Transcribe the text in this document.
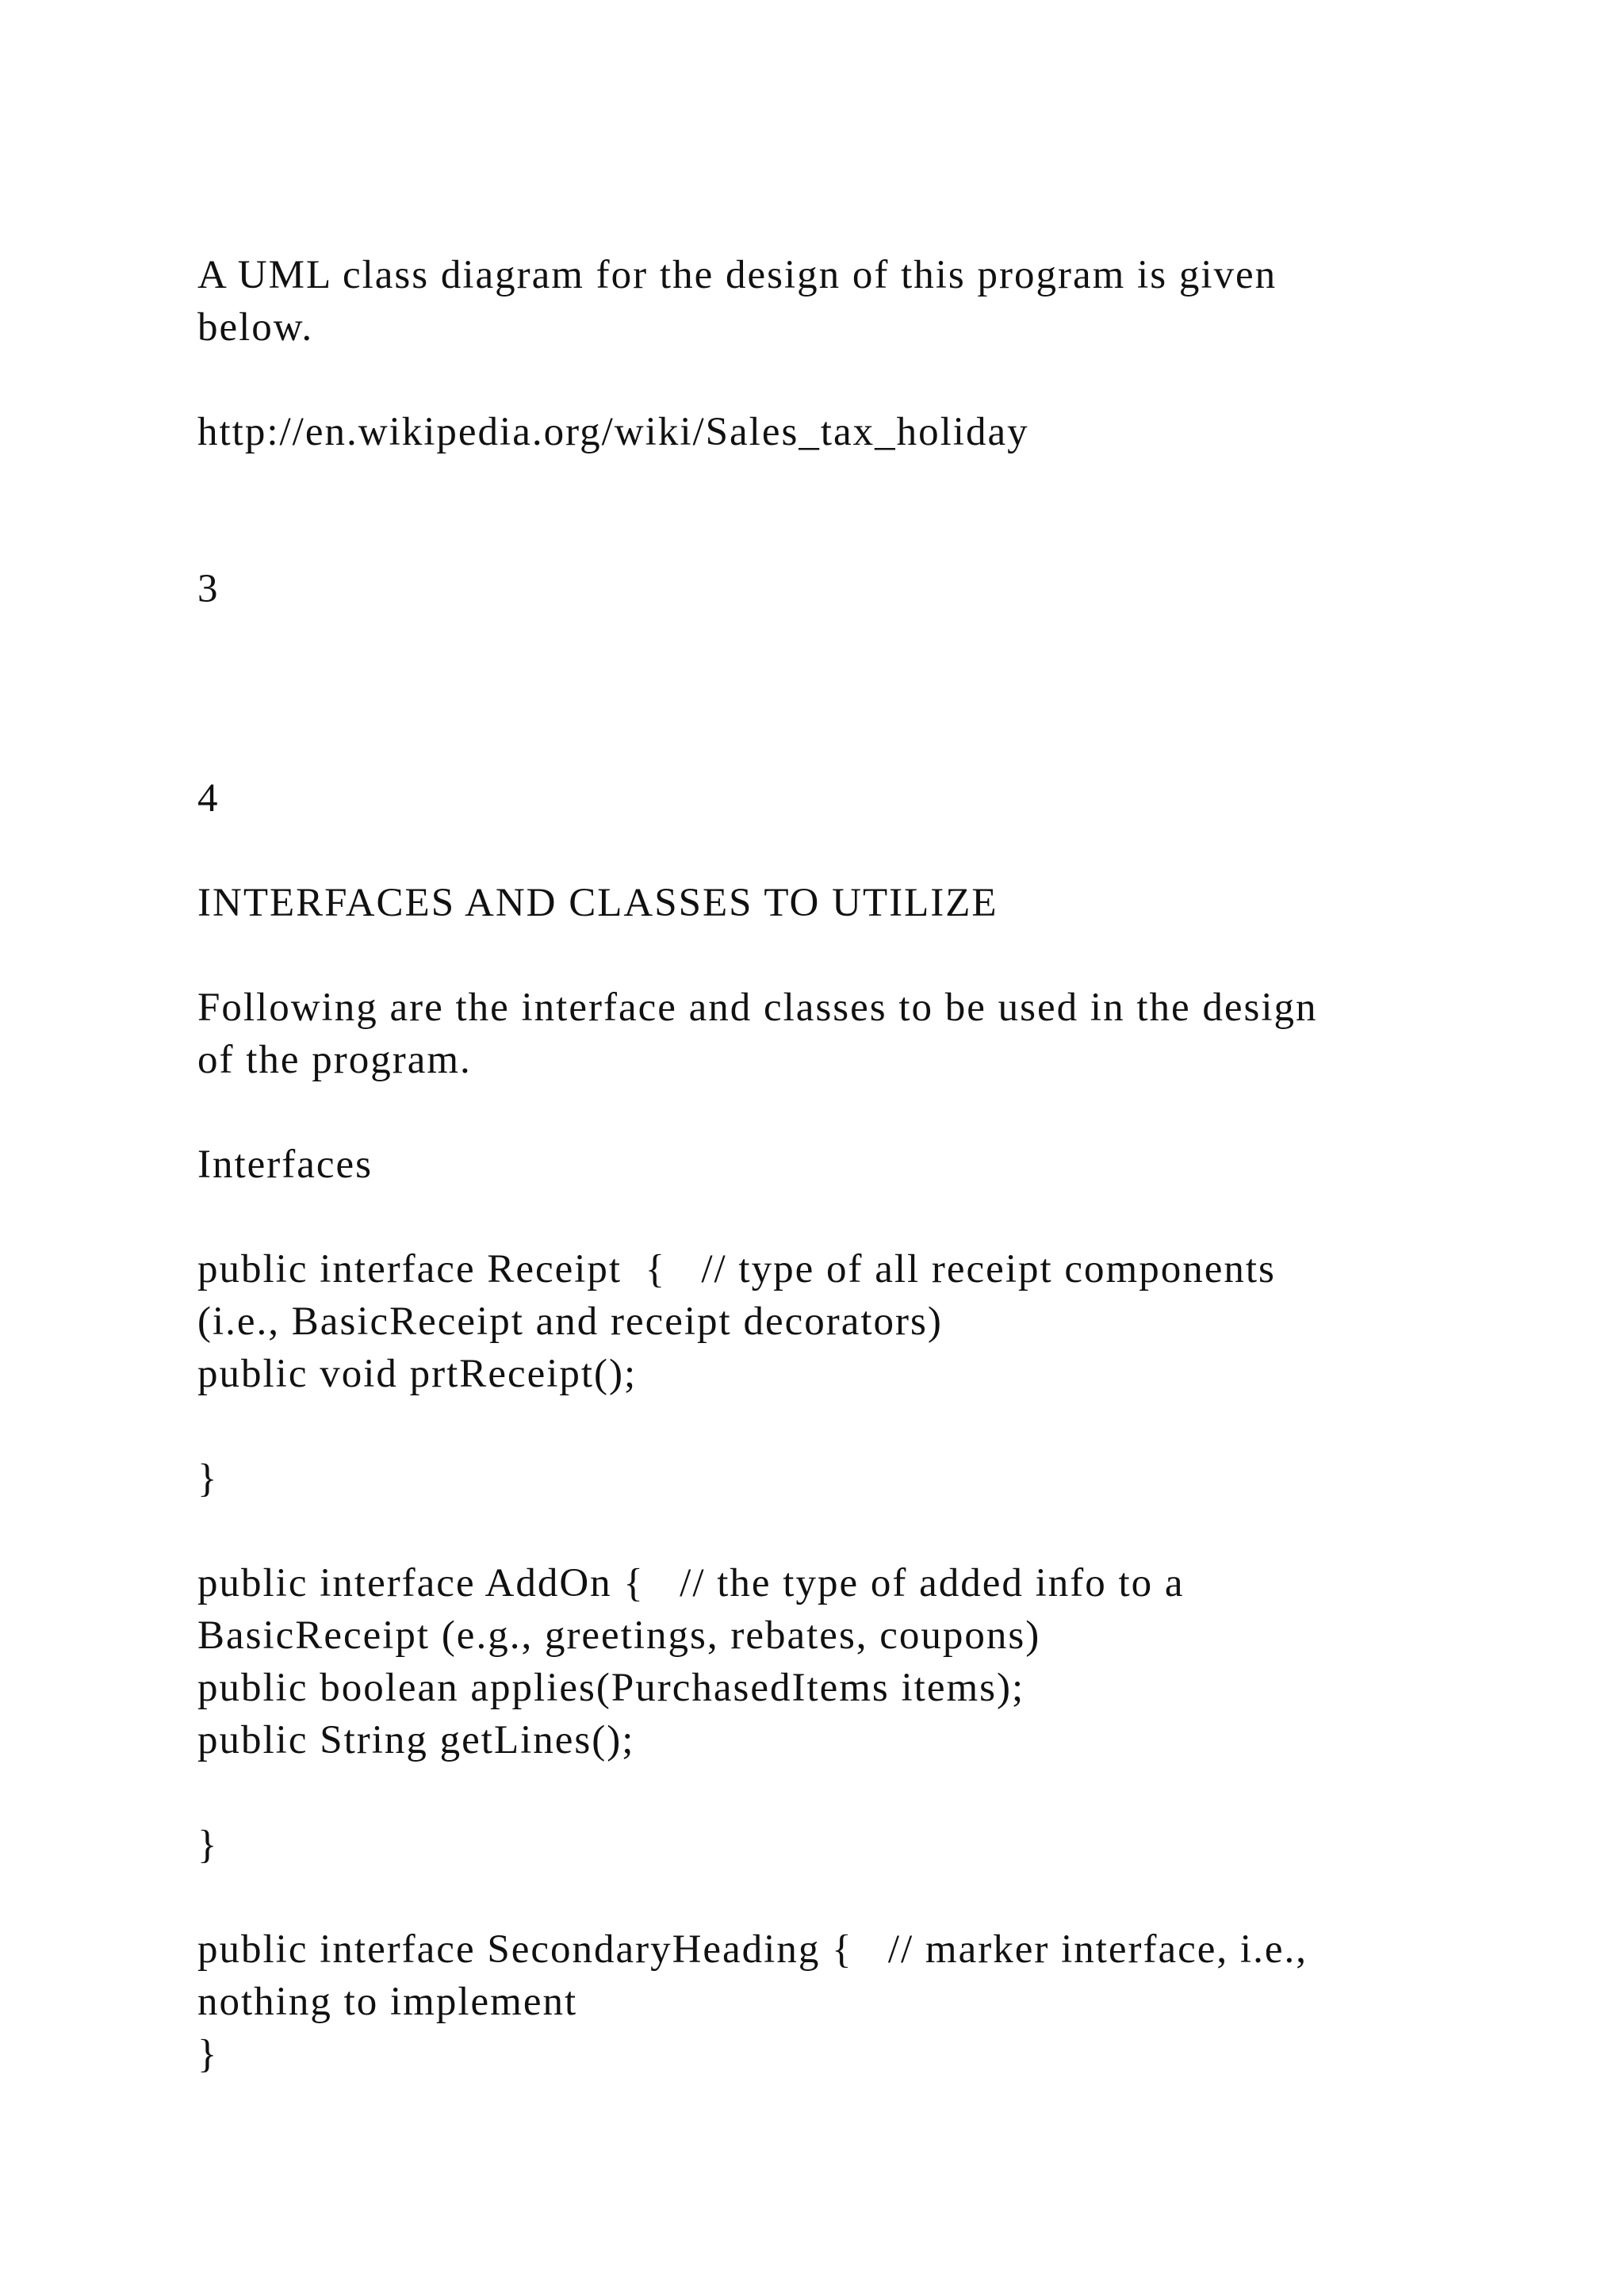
A UML class diagram for the design of this program is given

below.

http://en.wikipedia.org/wiki/Sales_tax_holiday

3

4

INTERFACES AND CLASSES TO UTILIZE

Following are the interface and classes to be used in the design

of the program.

Interfaces

public interface Receipt  {   // type of all receipt components

(i.e., BasicReceipt and receipt decorators)

public void prtReceipt();

}

public interface AddOn {   // the type of added info to a

BasicReceipt (e.g., greetings, rebates, coupons)

public boolean applies(PurchasedItems items);

public String getLines();

}

public interface SecondaryHeading {   // marker interface, i.e.,

nothing to implement

}
